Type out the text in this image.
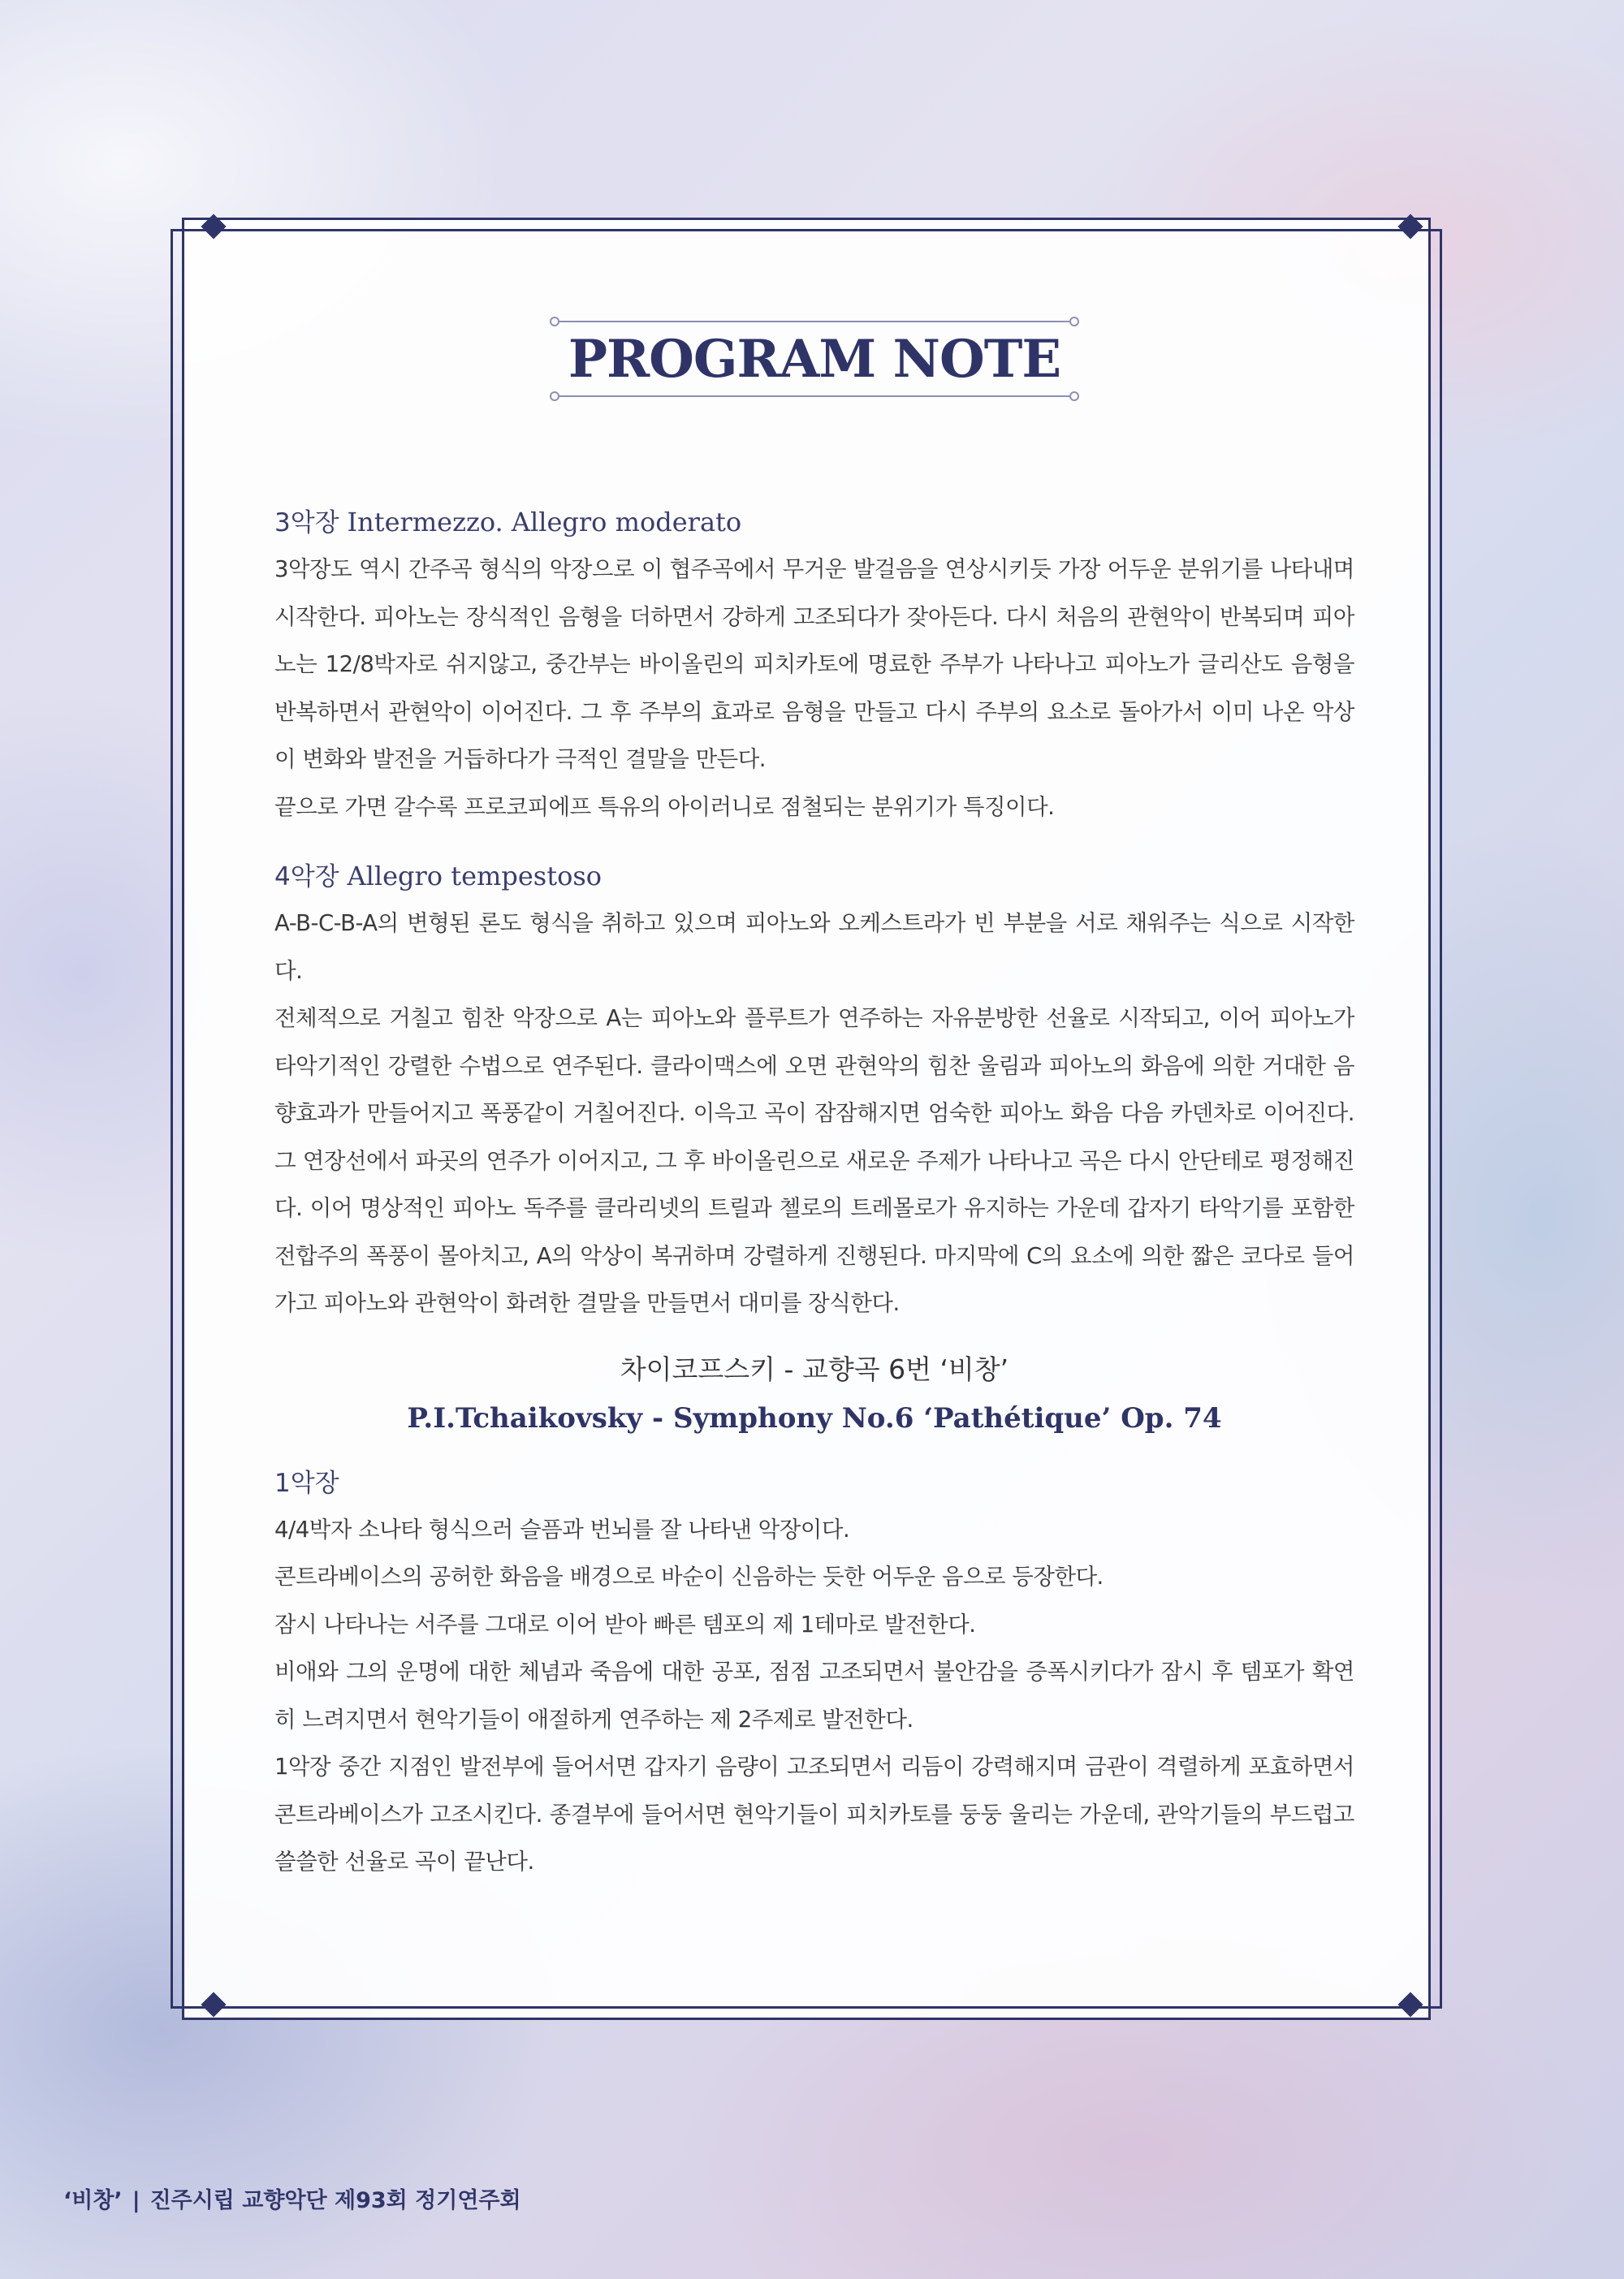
PROGRAM NOTE
3악장 Intermezzo. Allegro moderato

3악장도 역시 간주곡 형식의 악장으로 이 협주곡에서 무거운 발걸음을 연상시키듯 가장 어두운 분위기를 나타내며 시작한다. 피아노는 장식적인 음형을 더하면서 강하게 고조되다가 잦아든다. 다시 처음의 관현악이 반복되며 피아노는 12/8박자로 쉬지않고, 중간부는 바이올린의 피치카토에 명료한 주부가 나타나고 피아노가 글리산도 음형을 반복하면서 관현악이 이어진다. 그 후 주부의 효과로 음형을 만들고 다시 주부의 요소로 돌아가서 이미 나온 악상이 변화와 발전을 거듭하다가 극적인 결말을 만든다.

끝으로 가면 갈수록 프로코피에프 특유의 아이러니로 점철되는 분위기가 특징이다.

4악장 Allegro tempestoso

A-B-C-B-A의 변형된 론도 형식을 취하고 있으며 피아노와 오케스트라가 빈 부분을 서로 채워주는 식으로 시작한다.

전체적으로 거칠고 힘찬 악장으로 A는 피아노와 플루트가 연주하는 자유분방한 선율로 시작되고, 이어 피아노가 타악기적인 강렬한 수법으로 연주된다. 클라이맥스에 오면 관현악의 힘찬 울림과 피아노의 화음에 의한 거대한 음향효과가 만들어지고 폭풍같이 거칠어진다. 이윽고 곡이 잠잠해지면 엄숙한 피아노 화음 다음 카덴차로 이어진다. 그 연장선에서 파곳의 연주가 이어지고, 그 후 바이올린으로 새로운 주제가 나타나고 곡은 다시 안단테로 평정해진다. 이어 명상적인 피아노 독주를 클라리넷의 트릴과 첼로의 트레몰로가 유지하는 가운데 갑자기 타악기를 포함한 전합주의 폭풍이 몰아치고, A의 악상이 복귀하며 강렬하게 진행된다. 마지막에 C의 요소에 의한 짧은 코다로 들어가고 피아노와 관현악이 화려한 결말을 만들면서 대미를 장식한다.

차이코프스키 - 교향곡 6번 ‘비창’
P.I.Tchaikovsky - Symphony No.6 ‘Pathétique’ Op. 74
1악장

4/4박자 소나타 형식으러 슬픔과 번뇌를 잘 나타낸 악장이다.

콘트라베이스의 공허한 화음을 배경으로 바순이 신음하는 듯한 어두운 음으로 등장한다.

잠시 나타나는 서주를 그대로 이어 받아 빠른 템포의 제 1테마로 발전한다.

비애와 그의 운명에 대한 체념과 죽음에 대한 공포, 점점 고조되면서 불안감을 증폭시키다가 잠시 후 템포가 확연히 느려지면서 현악기들이 애절하게 연주하는 제 2주제로 발전한다.

1악장 중간 지점인 발전부에 들어서면 갑자기 음량이 고조되면서 리듬이 강력해지며 금관이 격렬하게 포효하면서 콘트라베이스가 고조시킨다. 종결부에 들어서면 현악기들이 피치카토를 둥둥 울리는 가운데, 관악기들의 부드럽고 쓸쓸한 선율로 곡이 끝난다.

‘비창’ | 진주시립 교향악단 제93회 정기연주회
